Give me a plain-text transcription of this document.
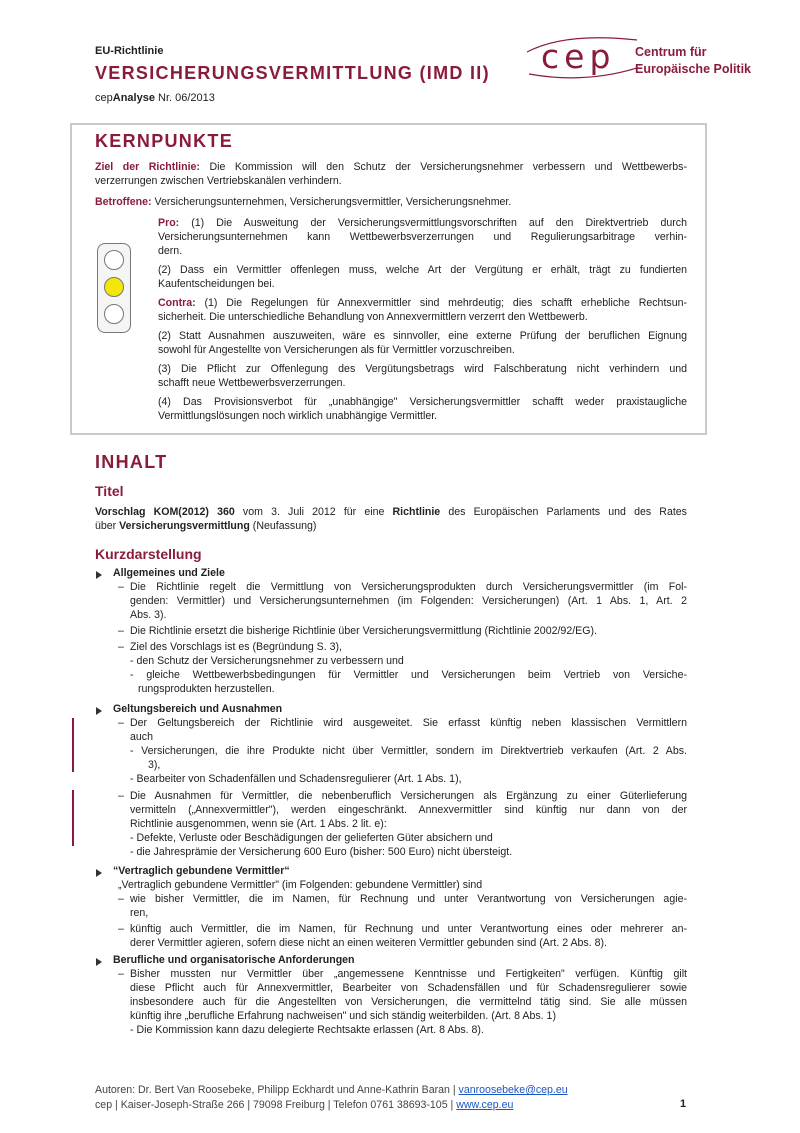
EU-Richtlinie
VERSICHERUNGSVERMITTLUNG (IMD II)
cepAnalyse Nr. 06/2013
cep Centrum für
Europäische Politik
KERNPUNKTE
Ziel der Richtlinie: Die Kommission will den Schutz der Versicherungsnehmer verbessern und Wettbewerbs-
verzerrungen zwischen Vertriebskanälen verhindern.
Betroffene: Versicherungsunternehmen, Versicherungsvermittler, Versicherungsnehmer.
Pro: (1) Die Ausweitung der Versicherungsvermittlungsvorschriften auf den Direktvertrieb durch
Versicherungsunternehmen kann Wettbewerbsverzerrungen und Regulierungsarbitrage verhin-
dern.
(2) Dass ein Vermittler offenlegen muss, welche Art der Vergütung er erhält, trägt zu fundierten
Kaufentscheidungen bei.
Contra: (1) Die Regelungen für Annexvermittler sind mehrdeutig; dies schafft erhebliche Rechtsun-
sicherheit. Die unterschiedliche Behandlung von Annexvermittlern verzerrt den Wettbewerb.
(2) Statt Ausnahmen auszuweiten, wäre es sinnvoller, eine externe Prüfung der beruflichen Eignung
sowohl für Angestellte von Versicherungen als für Vermittler vorzuschreiben.
(3) Die Pflicht zur Offenlegung des Vergütungsbetrags wird Falschberatung nicht verhindern und
schafft neue Wettbewerbsverzerrungen.
(4) Das Provisionsverbot für „unabhängige" Versicherungsvermittler schafft weder praxistaugliche
Vermittlungslösungen noch wirklich unabhängige Vermittler.
INHALT
Titel
Vorschlag KOM(2012) 360 vom 3. Juli 2012 für eine Richtlinie des Europäischen Parlaments und des Rates
über Versicherungsvermittlung (Neufassung)
Kurzdarstellung
Allgemeines und Ziele
– Die Richtlinie regelt die Vermittlung von Versicherungsprodukten durch Versicherungsvermittler (im Fol-
genden: Vermittler) und Versicherungsunternehmen (im Folgenden: Versicherungen) (Art. 1 Abs. 1, Art. 2
Abs. 3).
– Die Richtlinie ersetzt die bisherige Richtlinie über Versicherungsvermittlung (Richtlinie 2002/92/EG).
– Ziel des Vorschlags ist es (Begründung S. 3),
- den Schutz der Versicherungsnehmer zu verbessern und
- gleiche Wettbewerbsbedingungen für Vermittler und Versicherungen beim Vertrieb von Versiche-
rungsprodukten herzustellen.
Geltungsbereich und Ausnahmen
– Der Geltungsbereich der Richtlinie wird ausgeweitet. Sie erfasst künftig neben klassischen Vermittlern
auch
- Versicherungen, die ihre Produkte nicht über Vermittler, sondern im Direktvertrieb verkaufen (Art. 2 Abs.
3),
- Bearbeiter von Schadenfällen und Schadensregulierer (Art. 1 Abs. 1),
– Die Ausnahmen für Vermittler, die nebenberuflich Versicherungen als Ergänzung zu einer Güterlieferung
vermitteln („Annexvermittler"), werden eingeschränkt. Annexvermittler sind künftig nur dann von der
Richtlinie ausgenommen, wenn sie (Art. 1 Abs. 2 lit. e):
- Defekte, Verluste oder Beschädigungen der gelieferten Güter absichern und
- die Jahresprämie der Versicherung 600 Euro (bisher: 500 Euro) nicht übersteigt.
“Vertraglich gebundene Vermittler“
„Vertraglich gebundene Vermittler" (im Folgenden: gebundene Vermittler) sind
– wie bisher Vermittler, die im Namen, für Rechnung und unter Verantwortung von Versicherungen agie-
ren,
– künftig auch Vermittler, die im Namen, für Rechnung und unter Verantwortung eines oder mehrerer an-
derer Vermittler agieren, sofern diese nicht an einen weiteren Vermittler gebunden sind (Art. 2 Abs. 8).
Berufliche und organisatorische Anforderungen
– Bisher mussten nur Vermittler über „angemessene Kenntnisse und Fertigkeiten" verfügen. Künftig gilt
diese Pflicht auch für Annexvermittler, Bearbeiter von Schadensfällen und für Schadensregulierer sowie
insbesondere auch für die Angestellten von Versicherungen, die vermittelnd tätig sind. Sie alle müssen
künftig ihre „berufliche Erfahrung nachweisen" und sich ständig weiterbilden. (Art. 8 Abs. 1)
- Die Kommission kann dazu delegierte Rechtsakte erlassen (Art. 8 Abs. 8).
Autoren: Dr. Bert Van Roosebeke, Philipp Eckhardt und Anne-Kathrin Baran | vanroosebeke@cep.eu
cep | Kaiser-Joseph-Straße 266 | 79098 Freiburg | Telefon 0761 38693-105 | www.cep.eu	1
